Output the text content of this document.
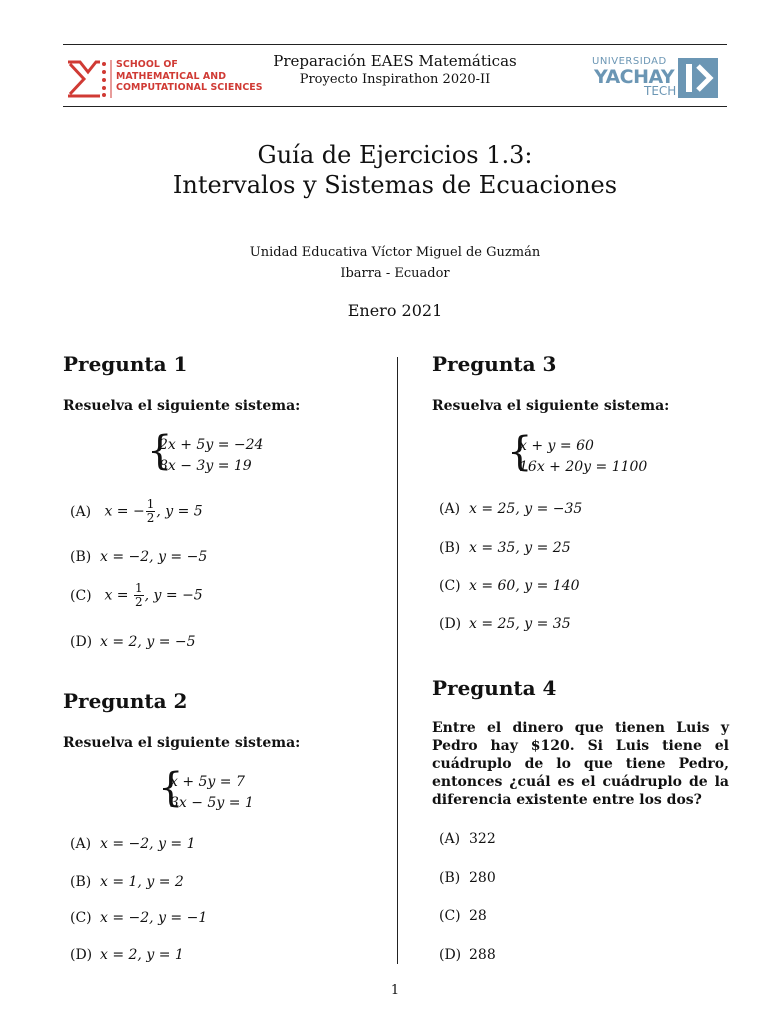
SCHOOL OF
MATHEMATICAL AND
COMPUTATIONAL SCIENCES
Preparación EAES Matemáticas
Proyecto Inspirathon 2020-II
UNIVERSIDAD
YACHAY
TECH
Guía de Ejercicios 1.3:
Intervalos y Sistemas de Ecuaciones
Unidad Educativa Víctor Miguel de Guzmán
Ibarra - Ecuador
Enero 2021
Pregunta 1
Resuelva el siguiente sistema:
{
2x + 5y = −24
8x − 3y = 19
(A) x = − $\frac{1}{2}$ , y = 5
(B) x = −2, y = −5
(C) $x = \frac{1}{2}$ , y = −5
(D) x = 2, y = −5
Pregunta 2
Resuelva el siguiente sistema:
{
x + 5y = 7
3x − 5y = 1
(A) x = −2, y = 1
(B) x = 1, y = 2
(C) x = −2, y = −1
(D) x = 2, y = 1
Pregunta 3
Resuelva el siguiente sistema:
{
x + y = 60
16x + 20y = 1100
(A) x = 25, y = −35
(B) x = 35, y = 25
(C) x = 60, y = 140
(D) x = 25, y = 35
Pregunta 4
Entre el dinero que tienen Luis y Pedro hay $120. Si Luis tiene el cuádruplo de lo que tiene Pedro, entonces ¿cuál es el cuádruplo de la diferencia existente entre los dos?
(A) 322
(B) 280
(C) 28
(D) 288
1
